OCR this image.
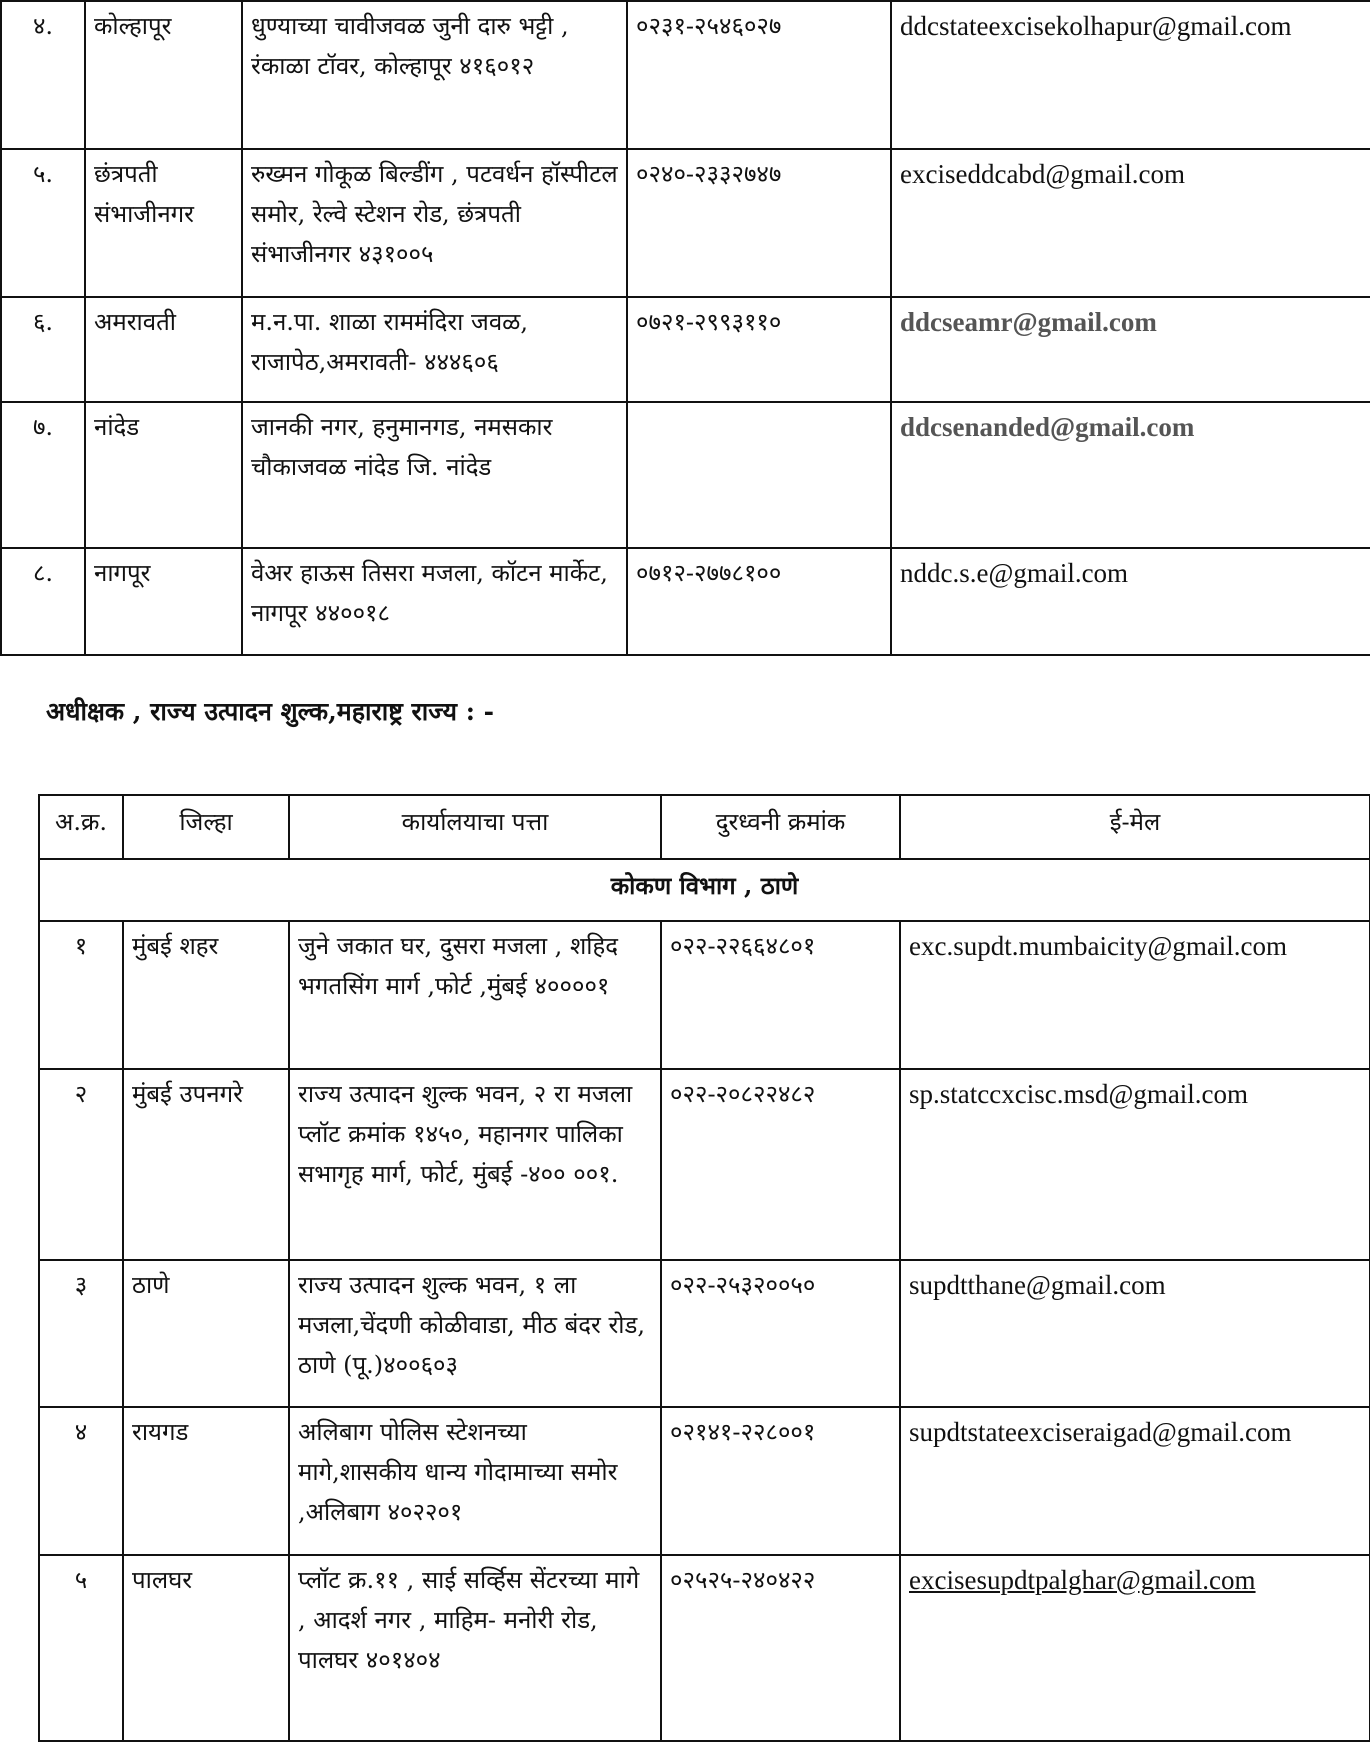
४.	कोल्हापूर	धुण्याच्या चावीजवळ जुनी दारु भट्टी , रंकाळा टॉवर, कोल्हापूर ४१६०१२	०२३१-२५४६०२७	ddcstateexcisekolhapur@gmail.com
५.	छंत्रपती संभाजीनगर	रुख्मन गोकूळ बिल्डींग , पटवर्धन हॉस्पीटल समोर, रेल्वे स्टेशन रोड, छंत्रपती संभाजीनगर ४३१००५	०२४०-२३३२७४७	exciseddcabd@gmail.com
६.	अमरावती	म.न.पा. शाळा राममंदिरा जवळ, राजापेठ,अमरावती- ४४४६०६	०७२१-२९९३११०	ddcseamr@gmail.com
७.	नांदेड	जानकी नगर, हनुमानगड, नमसकार चौकाजवळ नांदेड जि. नांदेड		ddcsenanded@gmail.com
८.	नागपूर	वेअर हाऊस तिसरा मजला, कॉटन मार्केट, नागपूर ४४००१८	०७१२-२७७८१००	nddc.s.e@gmail.com
अधीक्षक , राज्य उत्पादन शुल्क,महाराष्ट्र राज्य : -
अ.क्र.	जिल्हा	कार्यालयाचा पत्ता	दुरध्वनी क्रमांक	ई-मेल
कोकण विभाग , ठाणे				
१	मुंबई शहर	जुने जकात घर, दुसरा मजला , शहिद भगतसिंग मार्ग ,फोर्ट ,मुंबई ४००००१	०२२-२२६६४८०१	exc.supdt.mumbaicity@gmail.com
२	मुंबई उपनगरे	राज्य उत्पादन शुल्क भवन, २ रा मजला प्लॉट क्रमांक १४५०, महानगर पालिका सभागृह मार्ग, फोर्ट, मुंबई -४०० ००१.	०२२-२०८२२४८२	sp.statccxcisc.msd@gmail.com
३	ठाणे	राज्य उत्पादन शुल्क भवन, १ ला मजला,चेंदणी कोळीवाडा, मीठ बंदर रोड, ठाणे (पू.)४००६०३	०२२-२५३२००५०	supdtthane@gmail.com
४	रायगड	अलिबाग पोलिस स्टेशनच्या मागे,शासकीय धान्य गोदामाच्या समोर ,अलिबाग ४०२२०१	०२१४१-२२८००१	supdtstateexciseraigad@gmail.com
५	पालघर	प्लॉट क्र.११ , साई सर्व्हिस सेंटरच्या मागे , आदर्श नगर , माहिम- मनोरी रोड, पालघर ४०१४०४	०२५२५-२४०४२२	excisesupdtpalghar@gmail.com
